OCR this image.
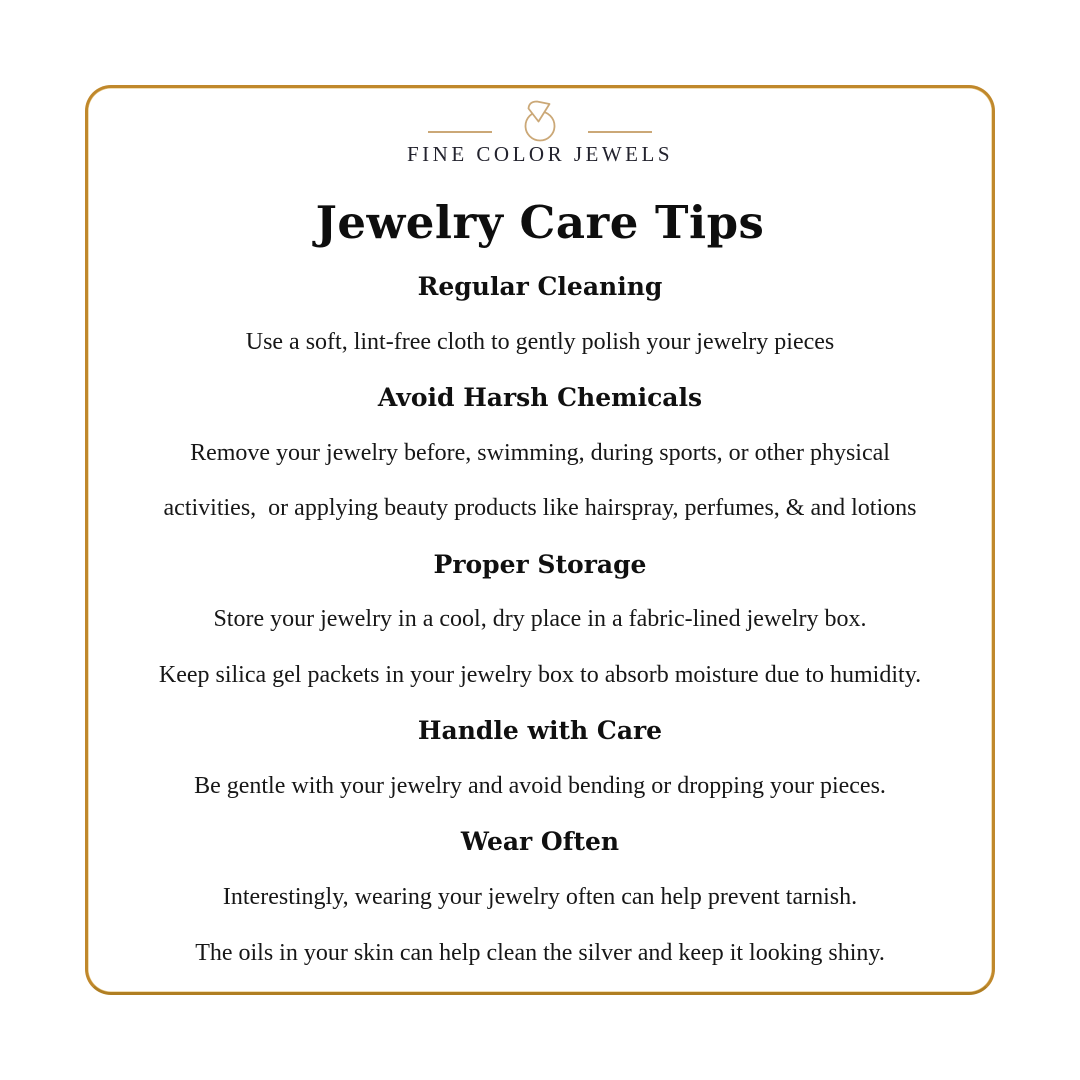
FINE COLOR JEWELS
Jewelry Care Tips
Regular Cleaning
Use a soft, lint-free cloth to gently polish your jewelry pieces
Avoid Harsh Chemicals
Remove your jewelry before, swimming, during sports, or other physical
activities,  or applying beauty products like hairspray, perfumes, & and lotions
Proper Storage
Store your jewelry in a cool, dry place in a fabric-lined jewelry box.
Keep silica gel packets in your jewelry box to absorb moisture due to humidity.
Handle with Care
Be gentle with your jewelry and avoid bending or dropping your pieces.
Wear Often
Interestingly, wearing your jewelry often can help prevent tarnish.
The oils in your skin can help clean the silver and keep it looking shiny.
